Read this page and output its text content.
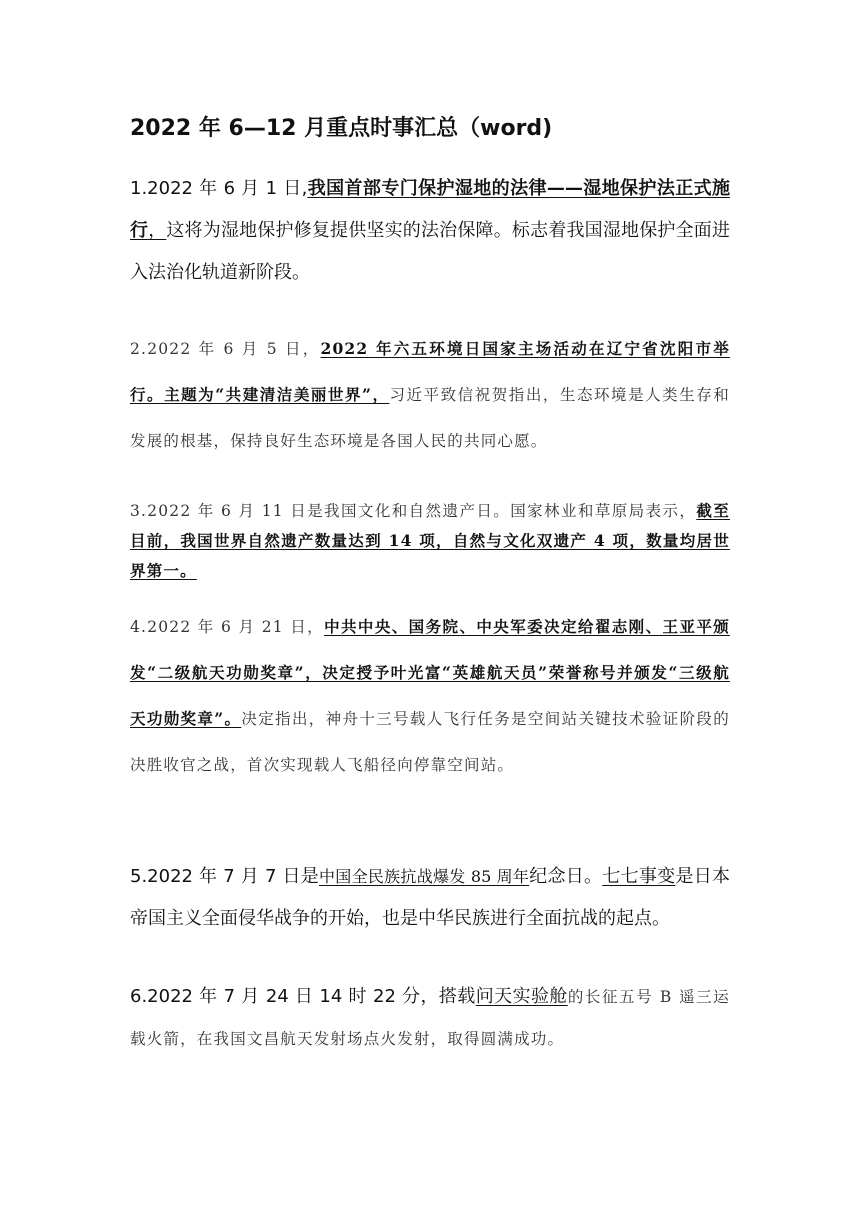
2022 年 6—12 月重点时事汇总（word)
1.2022 年 6 月 1 日,我国首部专门保护湿地的法律——湿地保护法正式施行，这将为湿地保护修复提供坚实的法治保障。标志着我国湿地保护全面进入法治化轨道新阶段。
2.2022 年 6 月 5 日，2022 年六五环境日国家主场活动在辽宁省沈阳市举行。主题为“共建清洁美丽世界”，习近平致信祝贺指出，生态环境是人类生存和发展的根基，保持良好生态环境是各国人民的共同心愿。
3.2022 年 6 月 11 日是我国文化和自然遗产日。国家林业和草原局表示，截至目前，我国世界自然遗产数量达到 14 项，自然与文化双遗产 4 项，数量均居世界第一。
4.2022 年 6 月 21 日，中共中央、国务院、中央军委决定给翟志刚、王亚平颁发“二级航天功勋奖章”，决定授予叶光富“英雄航天员”荣誉称号并颁发“三级航天功勋奖章”。决定指出，神舟十三号载人飞行任务是空间站关键技术验证阶段的决胜收官之战，首次实现载人飞船径向停靠空间站。
5.2022 年 7 月 7 日是中国全民族抗战爆发 85 周年纪念日。七七事变是日本帝国主义全面侵华战争的开始，也是中华民族进行全面抗战的起点。
6.2022 年 7 月 24 日 14 时 22 分，搭载问天实验舱的长征五号 B 遥三运载火箭，在我国文昌航天发射场点火发射，取得圆满成功。
